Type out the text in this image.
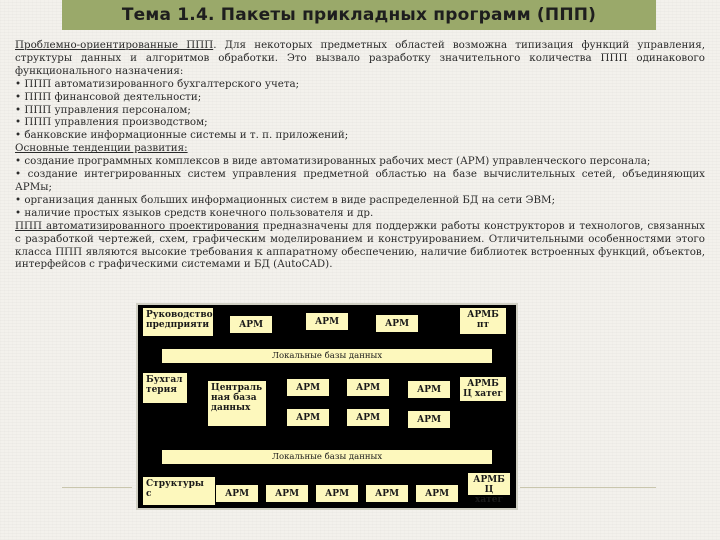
Тема 1.4. Пакеты прикладных программ (ППП)

Проблемно-ориентированные ППП. Для некоторых предметных областей возможна типизация функций управления, структуры данных и алгоритмов обработки. Это вызвало разработку значительного количества ППП одинакового функционального назначения:

• ППП автоматизированного бухгалтерского учета;

• ППП финансовой деятельности;

• ППП управления персоналом;

• ППП управления производством;

• банковские информационные системы и т. п. приложений;

Основные тенденции развития:

• создание программных комплексов в виде автоматизированных рабочих мест (АРМ) управленческого персонала;

• создание интегрированных систем управления предметной областью на базе вычислительных сетей, объединяющих АРМы;

• организация данных больших информационных систем в виде распределенной БД на сети ЭВМ;

• наличие простых языков средств конечного пользователя и др.

ППП автоматизированного проектирования предназначены для поддержки работы конструкторов и технологов, связанных с разработкой чертежей, схем, графическим моделированием и конструированием. Отличительными особенностями этого класса ППП являются высокие требования к аппаратному обеспечению, наличие библиотек встроенных функций, объектов, интерфейсов с графическими системами и БД (AutoCAD).

Руководство предприяти	АРМ	АРМ	АРМ
АРМБ пт
Локальные базы данных
Бухгал терия	Централь ная база данных
АРМ	АРМ	АРМ
АРМБ Ц хатег
АРМ	АРМ	АРМ
Локальные базы данных
Структуры с	АРМ	АРМ	АРМ	АРМ	АРМ
АРМБ Ц хатег
